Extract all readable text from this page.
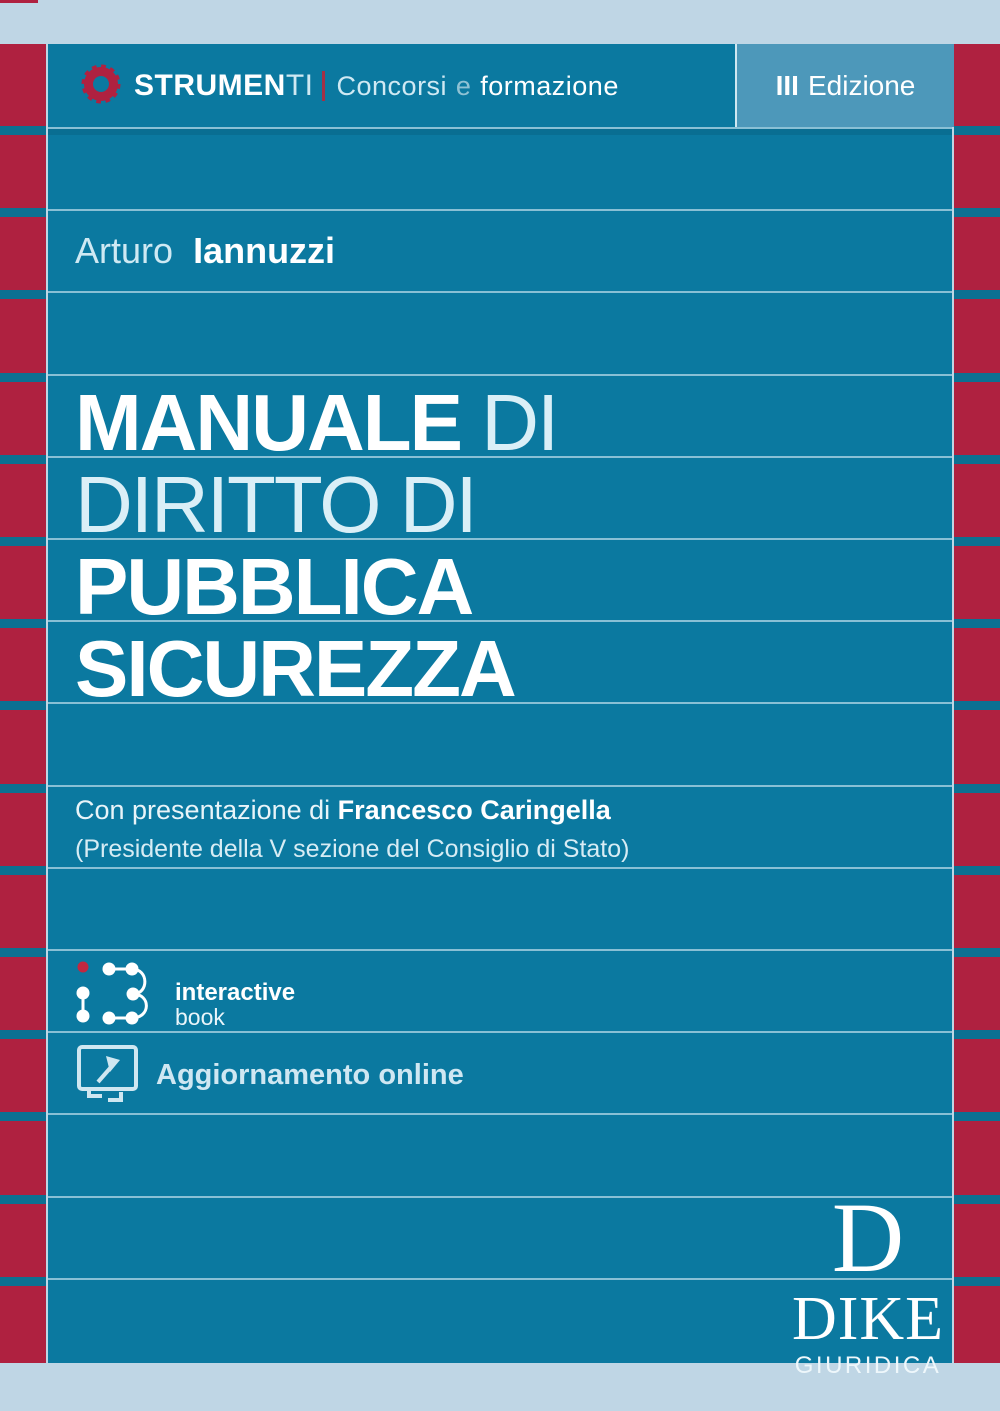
STRUMENTI Concorsi e formazione	III Edizione
Arturo Iannuzzi
MANUALE DI
DIRITTO DI
PUBBLICA
SICUREZZA
Con presentazione di Francesco Caringella
(Presidente della V sezione del Consiglio di Stato)
interactive
book
Aggiornamento online
D
DIKE
GIURIDICA
